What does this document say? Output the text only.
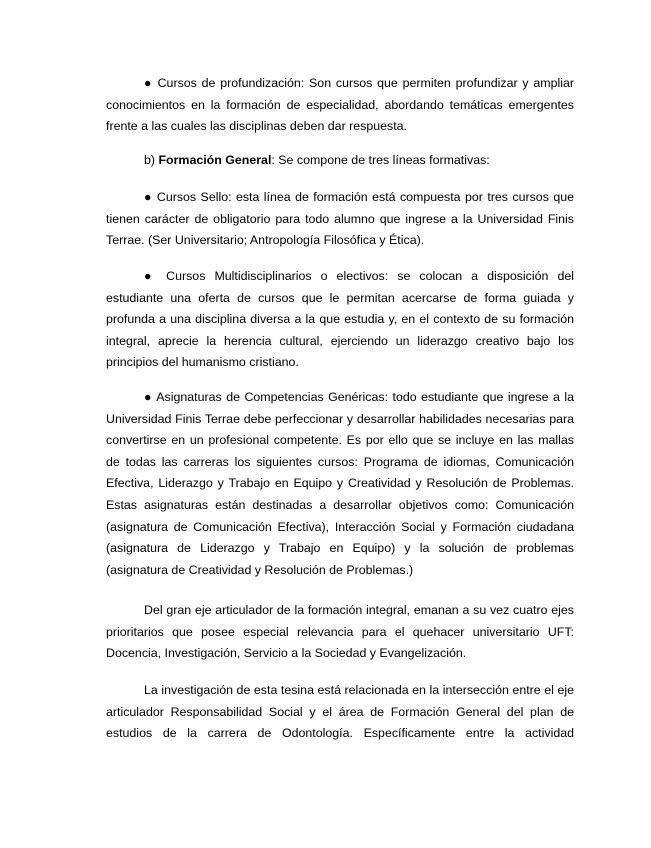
● Cursos de profundización: Son cursos que permiten profundizar y ampliar conocimientos en la formación de especialidad, abordando temáticas emergentes frente a las cuales las disciplinas deben dar respuesta.

b) Formación General: Se compone de tres líneas formativas:

● Cursos Sello: esta línea de formación está compuesta por tres cursos que tienen carácter de obligatorio para todo alumno que ingrese a la Universidad Finis Terrae. (Ser Universitario; Antropología Filosófica y Ética).

● Cursos Multidisciplinarios o electivos: se colocan a disposición del estudiante una oferta de cursos que le permitan acercarse de forma guiada y profunda a una disciplina diversa a la que estudia y, en el contexto de su formación integral, aprecie la herencia cultural, ejerciendo un liderazgo creativo bajo los principios del humanismo cristiano.

● Asignaturas de Competencias Genéricas: todo estudiante que ingrese a la Universidad Finis Terrae debe perfeccionar y desarrollar habilidades necesarias para convertirse en un profesional competente. Es por ello que se incluye en las mallas de todas las carreras los siguientes cursos: Programa de idiomas, Comunicación Efectiva, Liderazgo y Trabajo en Equipo y Creatividad y Resolución de Problemas. Estas asignaturas están destinadas a desarrollar objetivos como: Comunicación (asignatura de Comunicación Efectiva), Interacción Social y Formación ciudadana (asignatura de Liderazgo y Trabajo en Equipo) y la solución de problemas (asignatura de Creatividad y Resolución de Problemas.)

Del gran eje articulador de la formación integral, emanan a su vez cuatro ejes prioritarios que posee especial relevancia para el quehacer universitario UFT: Docencia, Investigación, Servicio a la Sociedad y Evangelización.

La investigación de esta tesina está relacionada en la intersección entre el eje articulador Responsabilidad Social y el área de Formación General del plan de estudios de la carrera de Odontología. Específicamente entre la actividad
